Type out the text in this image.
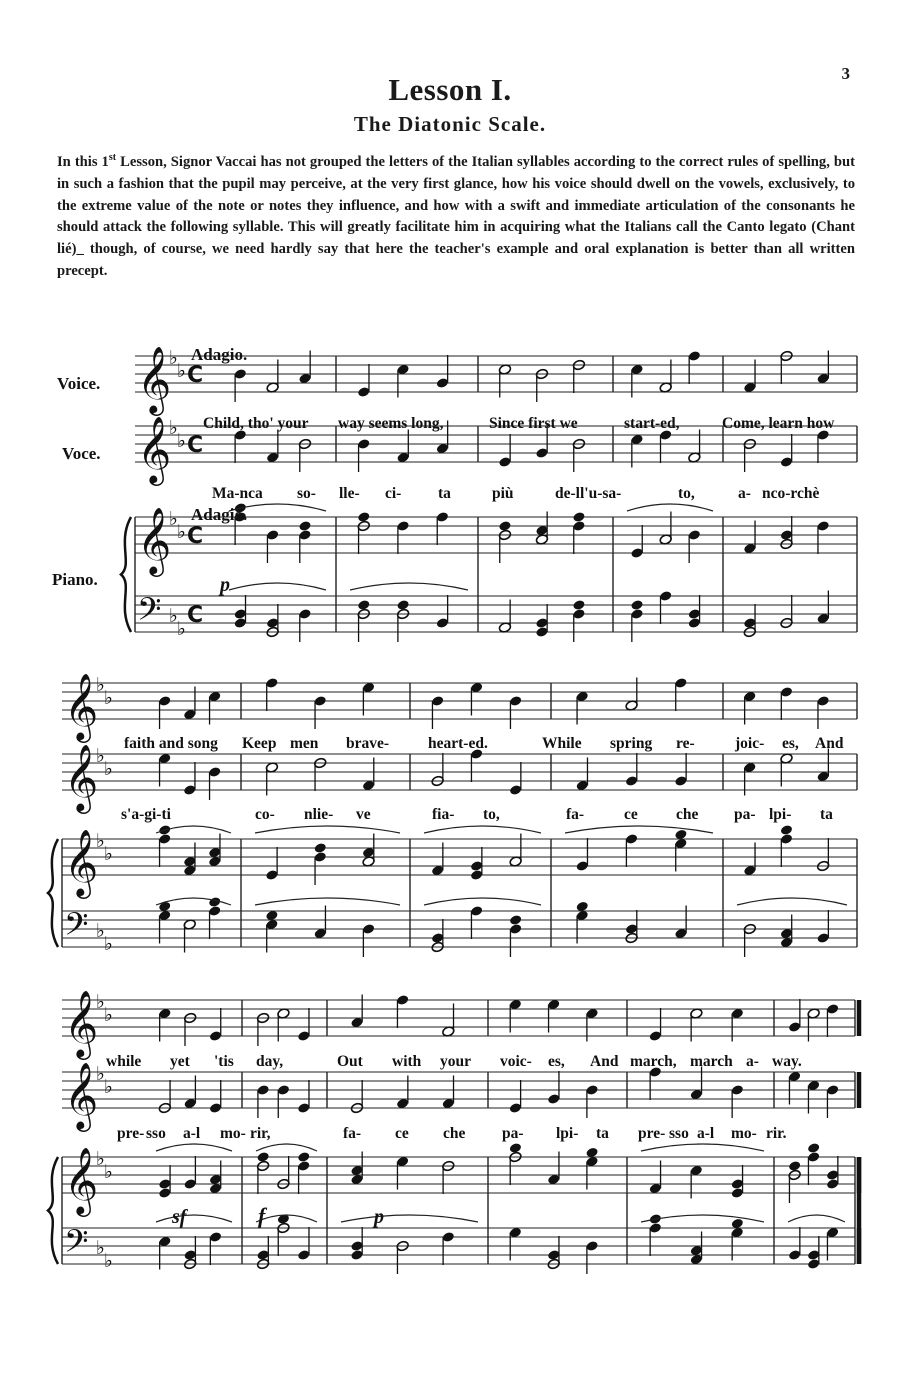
3
Lesson I.
The Diatonic Scale.

In this 1st Lesson, Signor Vaccai has not grouped the letters of the Italian syllables according to the correct rules of spelling, but in such a fashion that the pupil may perceive, at the very first glance, how his voice should dwell on the vowels, exclusively, to the extreme value of the note or notes they influence, and how with a swift and immediate articulation of the consonants he should attack the following syllable. This will greatly facilitate him in acquiring what the Italians call the Canto legato (Chant lié)_ though, of course, we need hardly say that here the teacher's example and oral explanation is better than all written precept.

𝄞
♭
♭ C
𝄞
♭
♭ C
𝄞
♭
♭ C
𝄢 ♭
♭
C
𝄞
♭
♭
𝄞
♭
♭
𝄞
♭
♭
𝄢 ♭
♭
𝄞
♭
♭
𝄞
♭
♭
𝄞
♭
♭
𝄢 ♭
♭
Voice.
Voce.
Piano.
Adagio.
Adagio.
p
sf	f	p
Child, tho' your way seems long,	Since first we	start-ed,	Come, learn how
Ma-nca so- lle- ci- ta	più	de-ll'u-sa-	to,	a- nco-rchè
faith and song Keep men brave-	heart-ed.	While spring re-	joic- es, And
s'a-gi-ti	co- nlie- ve	fia- to,	fa-	ce che pa- lpi- ta
while yet 'tis day,	Out with your voic- es, And march, march a- way.
pre- sso a-l mo- rir,	fa- ce che pa- lpi- ta pre- sso a-l mo- rir.
